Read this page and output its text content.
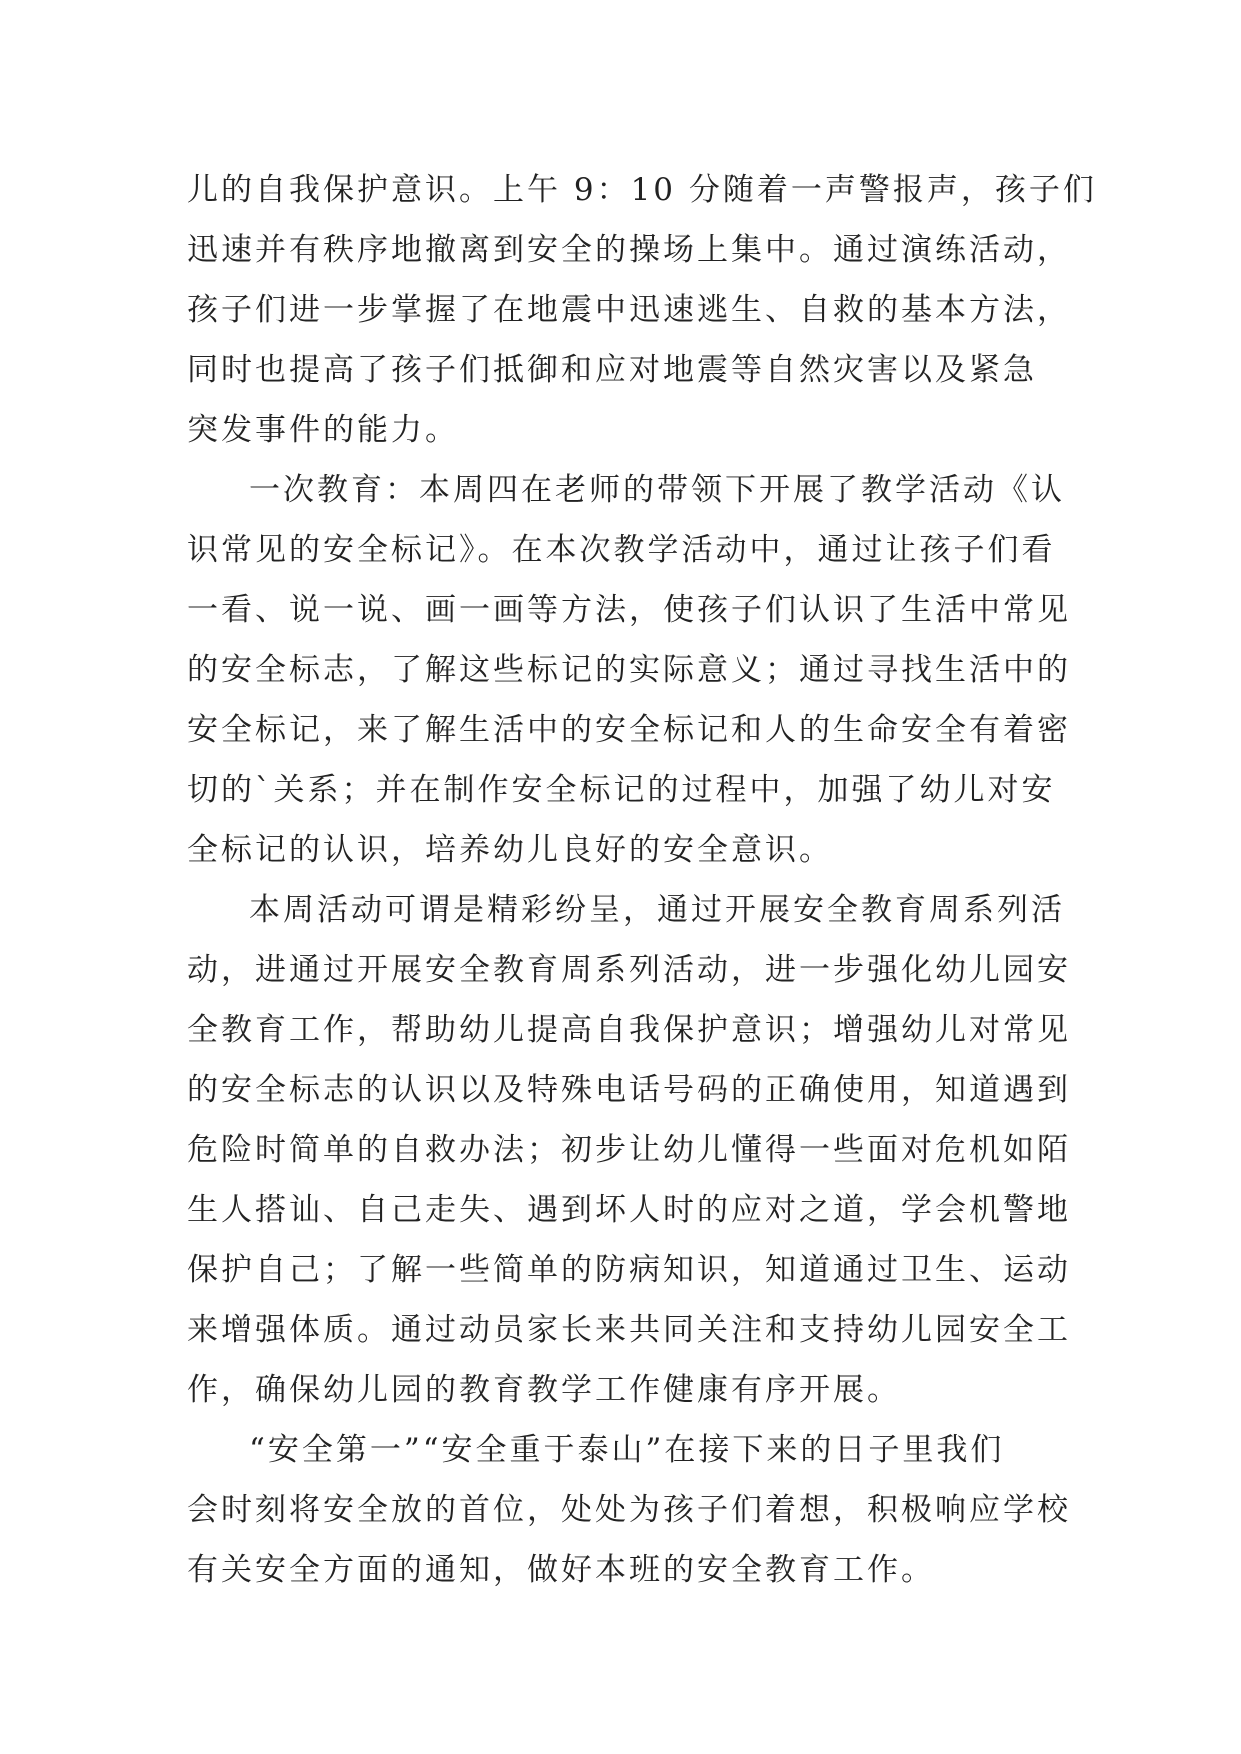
儿的自我保护意识。上午 9：10 分随着一声警报声，孩子们
迅速并有秩序地撤离到安全的操场上集中。通过演练活动，
孩子们进一步掌握了在地震中迅速逃生、自救的基本方法，
同时也提高了孩子们抵御和应对地震等自然灾害以及紧急
突发事件的能力。
一次教育：本周四在老师的带领下开展了教学活动《认
识常见的安全标记》。在本次教学活动中，通过让孩子们看
一看、说一说、画一画等方法，使孩子们认识了生活中常见
的安全标志，了解这些标记的实际意义；通过寻找生活中的
安全标记，来了解生活中的安全标记和人的生命安全有着密
切的`关系；并在制作安全标记的过程中，加强了幼儿对安
全标记的认识，培养幼儿良好的安全意识。
本周活动可谓是精彩纷呈，通过开展安全教育周系列活
动，进通过开展安全教育周系列活动，进一步强化幼儿园安
全教育工作，帮助幼儿提高自我保护意识；增强幼儿对常见
的安全标志的认识以及特殊电话号码的正确使用，知道遇到
危险时简单的自救办法；初步让幼儿懂得一些面对危机如陌
生人搭讪、自己走失、遇到坏人时的应对之道，学会机警地
保护自己；了解一些简单的防病知识，知道通过卫生、运动
来增强体质。通过动员家长来共同关注和支持幼儿园安全工
作，确保幼儿园的教育教学工作健康有序开展。
“安全第一”“安全重于泰山”在接下来的日子里我们
会时刻将安全放的首位，处处为孩子们着想，积极响应学校
有关安全方面的通知，做好本班的安全教育工作。
